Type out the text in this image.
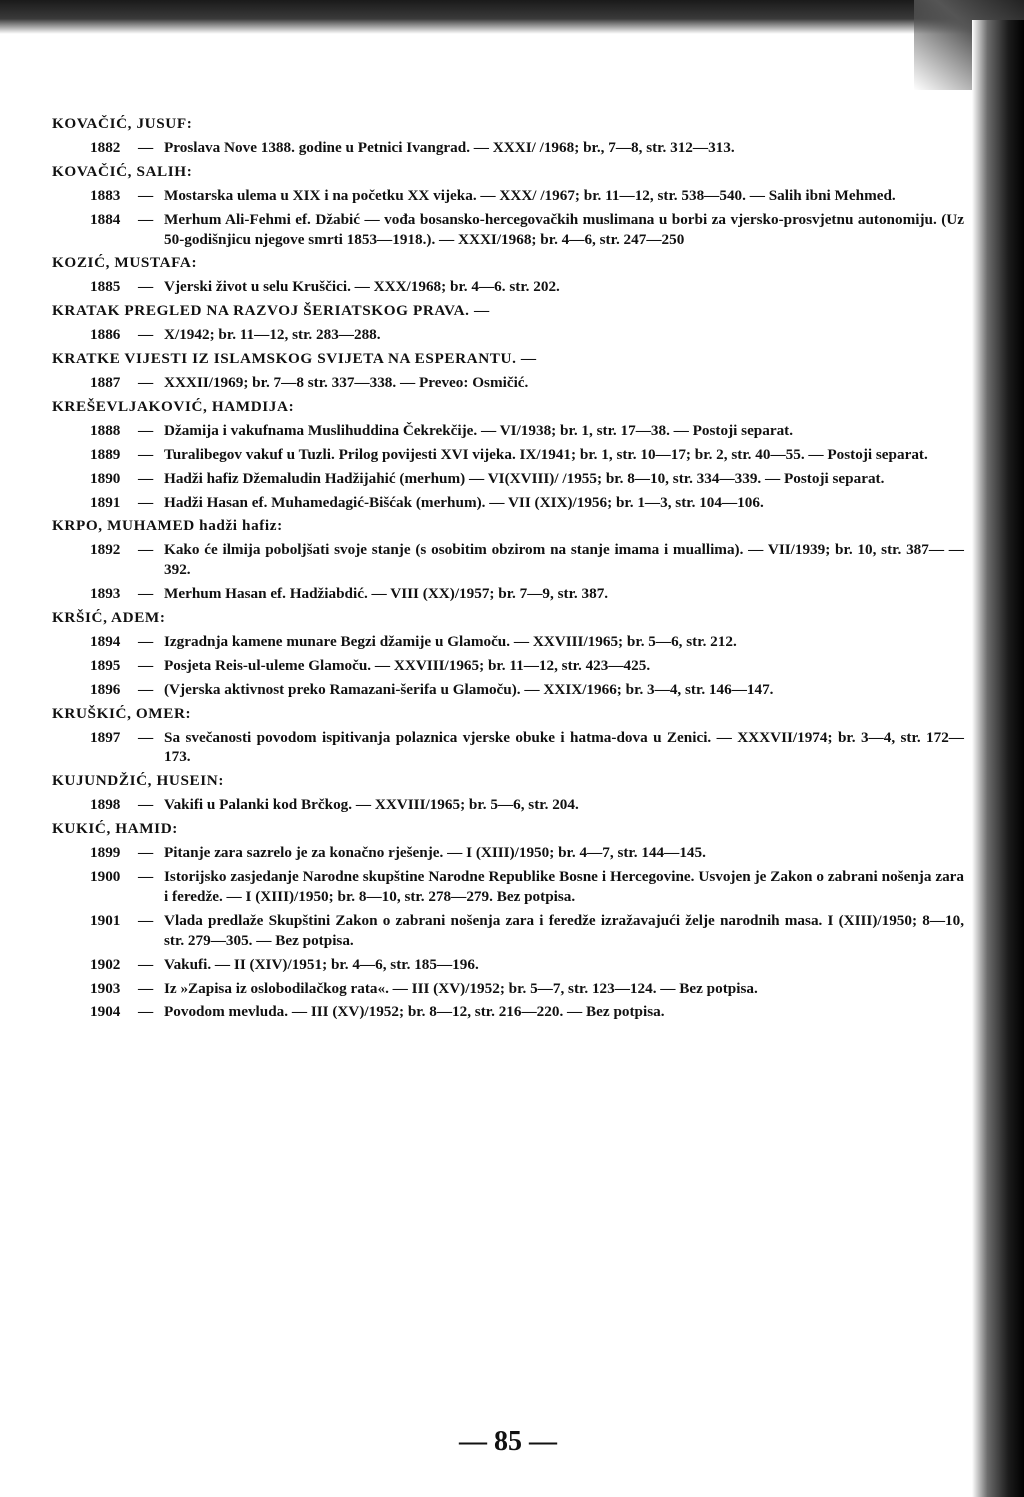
KOVAČIĆ, JUSUF:
1882 — Proslava Nove 1388. godine u Petnici Ivangrad. — XXXI/ /1968; br., 7—8, str. 312—313.
KOVAČIĆ, SALIH:
1883 — Mostarska ulema u XIX i na početku XX vijeka. — XXX/ /1967; br. 11—12, str. 538—540. — Salih ibni Mehmed.
1884 — Merhum Ali-Fehmi ef. Džabić — vođa bosansko-hercegovačkih muslimana u borbi za vjersko-prosvjetnu autonomiju. (Uz 50-godišnjicu njegove smrti 1853—1918.). — XXXI/1968; br. 4—6, str. 247—250
KOZIĆ, MUSTAFA:
1885 — Vjerski život u selu Kruščici. — XXX/1968; br. 4—6. str. 202.
KRATAK PREGLED NA RAZVOJ ŠERIATSKOG PRAVA. —
1886 — X/1942; br. 11—12, str. 283—288.
KRATKE VIJESTI IZ ISLAMSKOG SVIJETA NA ESPERANTU. —
1887 — XXXII/1969; br. 7—8 str. 337—338. — Preveo: Osmičić.
KREŠEVLJAKOVIĆ, HAMDIJA:
1888 — Džamija i vakufnama Muslihuddina Čekrekčije. — VI/1938; br. 1, str. 17—38. — Postoji separat.
1889 — Turalibegov vakuf u Tuzli. Prilog povijesti XVI vijeka. IX/1941; br. 1, str. 10—17; br. 2, str. 40—55. — Postoji separat.
1890 — Hadži hafiz Džemaludin Hadžijahić (merhum) — VI(XVIII)/ /1955; br. 8—10, str. 334—339. — Postoji separat.
1891 — Hadži Hasan ef. Muhamedagić-Bišćak (merhum). — VII (XIX)/1956; br. 1—3, str. 104—106.
KRPO, MUHAMED hadži hafiz:
1892 — Kako će ilmija poboljšati svoje stanje (s osobitim obzirom na stanje imama i muallima). — VII/1939; br. 10, str. 387— —392.
1893 — Merhum Hasan ef. Hadžiabdić. — VIII (XX)/1957; br. 7—9, str. 387.
KRŠIĆ, ADEM:
1894 — Izgradnja kamene munare Begzi džamije u Glamoču. — XXVIII/1965; br. 5—6, str. 212.
1895 — Posjeta Reis-ul-uleme Glamoču. — XXVIII/1965; br. 11—12, str. 423—425.
1896 — (Vjerska aktivnost preko Ramazani-šerifa u Glamoču). — XXIX/1966; br. 3—4, str. 146—147.
KRUŠKIĆ, OMER:
1897 — Sa svečanosti povodom ispitivanja polaznica vjerske obuke i hatma-dova u Zenici. — XXXVII/1974; br. 3—4, str. 172—173.
KUJUNDŽIĆ, HUSEIN:
1898 — Vakifi u Palanki kod Brčkog. — XXVIII/1965; br. 5—6, str. 204.
KUKIĆ, HAMID:
1899 — Pitanje zara sazrelo je za konačno rješenje. — I (XIII)/1950; br. 4—7, str. 144—145.
1900 — Istorijsko zasjedanje Narodne skupštine Narodne Republike Bosne i Hercegovine. Usvojen je Zakon o zabrani nošenja zara i feredže. — I (XIII)/1950; br. 8—10, str. 278—279. Bez potpisa.
1901 — Vlada predlaže Skupštini Zakon o zabrani nošenja zara i feredže izražavajući želje narodnih masa. I (XIII)/1950; 8—10, str. 279—305. — Bez potpisa.
1902 — Vakufi. — II (XIV)/1951; br. 4—6, str. 185—196.
1903 — Iz »Zapisa iz oslobodilačkog rata«. — III (XV)/1952; br. 5—7, str. 123—124. — Bez potpisa.
1904 — Povodom mevluda. — III (XV)/1952; br. 8—12, str. 216—220. — Bez potpisa.
— 85 —
